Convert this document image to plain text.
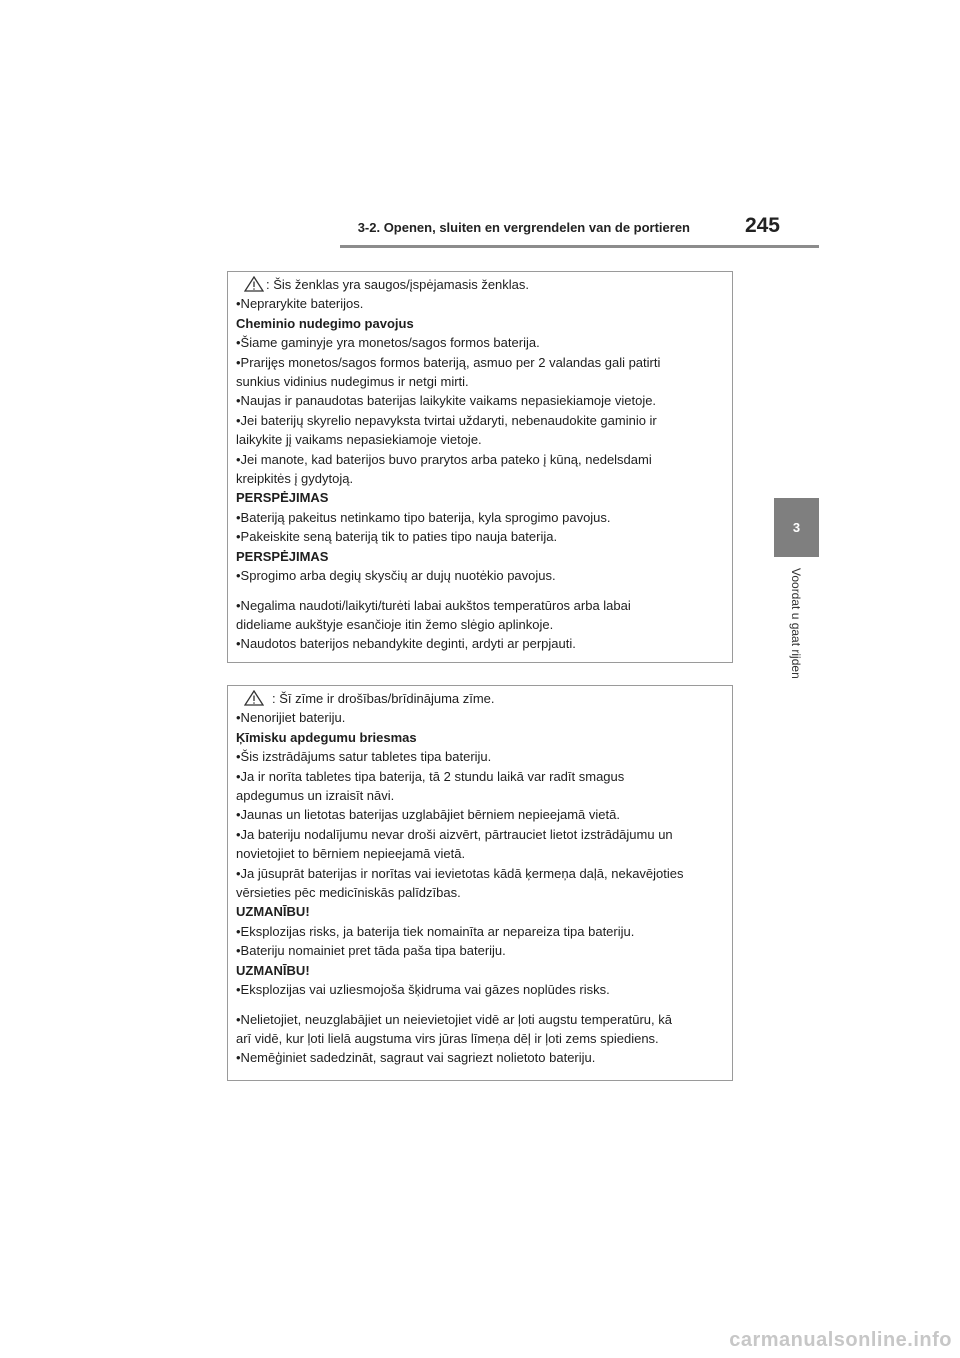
3-2. Openen, sluiten en vergrendelen van de portieren	245
3
Voordat u gaat rijden
: Šis ženklas yra saugos/įspėjamasis ženklas.
•Neprarykite baterijos.
Cheminio nudegimo pavojus
•Šiame gaminyje yra monetos/sagos formos baterija.
•Prarijęs monetos/sagos formos bateriją, asmuo per 2 valandas gali patirti
sunkius vidinius nudegimus ir netgi mirti.
•Naujas ir panaudotas baterijas laikykite vaikams nepasiekiamoje vietoje.
•Jei baterijų skyrelio nepavyksta tvirtai uždaryti, nebenaudokite gaminio ir
laikykite jį vaikams nepasiekiamoje vietoje.
•Jei manote, kad baterijos buvo prarytos arba pateko į kūną, nedelsdami
kreipkitės į gydytoją.
PERSPĖJIMAS
•Bateriją pakeitus netinkamo tipo baterija, kyla sprogimo pavojus.
•Pakeiskite seną bateriją tik to paties tipo nauja baterija.
PERSPĖJIMAS
•Sprogimo arba degių skysčių ar dujų nuotėkio pavojus.
•Negalima naudoti/laikyti/turėti labai aukštos temperatūros arba labai
dideliame aukštyje esančioje itin žemo slėgio aplinkoje.
•Naudotos baterijos nebandykite deginti, ardyti ar perpjauti.
: Šī zīme ir drošības/brīdinājuma zīme.
•Nenorijiet bateriju.
Ķīmisku apdegumu briesmas
•Šis izstrādājums satur tabletes tipa bateriju.
•Ja ir norīta tabletes tipa baterija, tā 2 stundu laikā var radīt smagus
apdegumus un izraisīt nāvi.
•Jaunas un lietotas baterijas uzglabājiet bērniem nepieejamā vietā.
•Ja bateriju nodalījumu nevar droši aizvērt, pārtrauciet lietot izstrādājumu un
novietojiet to bērniem nepieejamā vietā.
•Ja jūsuprāt baterijas ir norītas vai ievietotas kādā ķermeņa daļā, nekavējoties
vērsieties pēc medicīniskās palīdzības.
UZMANĪBU!
•Eksplozijas risks, ja baterija tiek nomainīta ar nepareiza tipa bateriju.
•Bateriju nomainiet pret tāda paša tipa bateriju.
UZMANĪBU!
•Eksplozijas vai uzliesmojoša šķidruma vai gāzes noplūdes risks.
•Nelietojiet, neuzglabājiet un neievietojiet vidē ar ļoti augstu temperatūru, kā
arī vidē, kur ļoti lielā augstuma virs jūras līmeņa dēļ ir ļoti zems spiediens.
•Nemēģiniet sadedzināt, sagraut vai sagriezt nolietoto bateriju.
carmanualsonline.info
